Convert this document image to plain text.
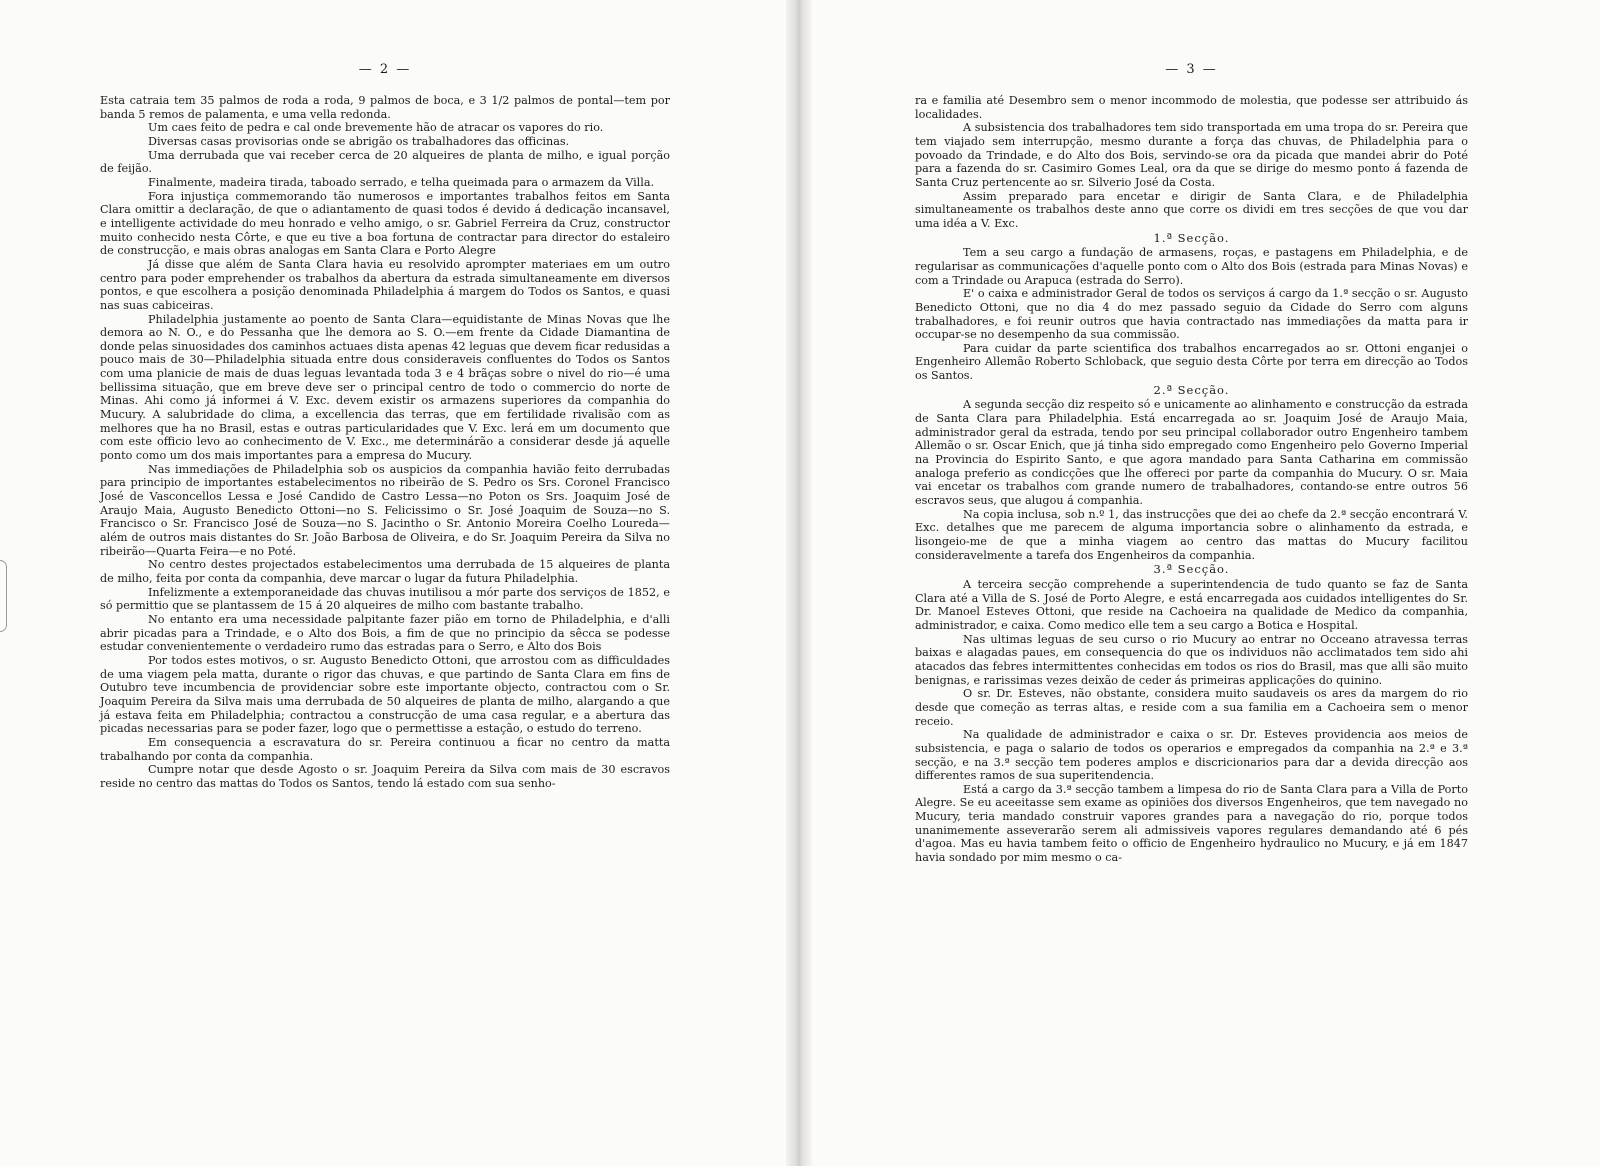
— 2 —

Esta catraia tem 35 palmos de roda a roda, 9 palmos de boca, e 3 1/2 palmos de pontal—tem por banda 5 remos de palamenta, e uma vella redonda.

Um caes feito de pedra e cal onde brevemente hão de atracar os vapores do rio.

Diversas casas provisorias onde se abrigão os trabalhadores das officinas.

Uma derrubada que vai receber cerca de 20 alqueires de planta de milho, e igual porção de feijão.

Finalmente, madeira tirada, taboado serrado, e telha queimada para o armazem da Villa.

Fora injustiça commemorando tão numerosos e importantes trabalhos feitos em Santa Clara omittir a declaração, de que o adiantamento de quasi todos é devido á dedicação incansavel, e intelligente actividade do meu honrado e velho amigo, o sr. Gabriel Ferreira da Cruz, constructor muito conhecido nesta Côrte, e que eu tive a boa fortuna de contractar para director do estaleiro de construcção, e mais obras analogas em Santa Clara e Porto Alegre

Já disse que além de Santa Clara havia eu resolvido aprompter materiaes em um outro centro para poder emprehender os trabalhos da abertura da estrada simultaneamente em diversos pontos, e que escolhera a posição denominada Philadelphia á margem do Todos os Santos, e quasi nas suas cabiceiras.

Philadelphia justamente ao poento de Santa Clara—equidistante de Minas Novas que lhe demora ao N. O., e do Pessanha que lhe demora ao S. O.—em frente da Cidade Diamantina de donde pelas sinuosidades dos caminhos actuaes dista apenas 42 leguas que devem ficar redusidas a pouco mais de 30—Philadelphia situada entre dous consideraveis confluentes do Todos os Santos com uma planicie de mais de duas leguas levantada toda 3 e 4 brãças sobre o nivel do rio—é uma bellissima situação, que em breve deve ser o principal centro de todo o commercio do norte de Minas. Ahi como já informei á V. Exc. devem existir os armazens superiores da companhia do Mucury. A salubridade do clima, a excellencia das terras, que em fertilidade rivalisão com as melhores que ha no Brasil, estas e outras particularidades que V. Exc. lerá em um documento que com este officio levo ao conhecimento de V. Exc., me determinárão a considerar desde já aquelle ponto como um dos mais importantes para a empresa do Mucury.

Nas immediações de Philadelphia sob os auspicios da companhia havião feito derrubadas para principio de importantes estabelecimentos no ribeirão de S. Pedro os Srs. Coronel Francisco José de Vasconcellos Lessa e José Candido de Castro Lessa—no Poton os Srs. Joaquim José de Araujo Maia, Augusto Benedicto Ottoni—no S. Felicissimo o Sr. José Joaquim de Souza—no S. Francisco o Sr. Francisco José de Souza—no S. Jacintho o Sr. Antonio Moreira Coelho Loureda—além de outros mais distantes do Sr. João Barbosa de Oliveira, e do Sr. Joaquim Pereira da Silva no ribeirão—Quarta Feira—e no Poté.

No centro destes projectados estabelecimentos uma derrubada de 15 alqueires de planta de milho, feita por conta da companhia, deve marcar o lugar da futura Philadelphia.

Infelizmente a extemporaneidade das chuvas inutilisou a mór parte dos serviços de 1852, e só permittio que se plantassem de 15 á 20 alqueires de milho com bastante trabalho.

No entanto era uma necessidade palpitante fazer pião em torno de Philadelphia, e d'alli abrir picadas para a Trindade, e o Alto dos Bois, a fim de que no principio da sêcca se podesse estudar convenientemente o verdadeiro rumo das estradas para o Serro, e Alto dos Bois

Por todos estes motivos, o sr. Augusto Benedicto Ottoni, que arrostou com as difficuldades de uma viagem pela matta, durante o rigor das chuvas, e que partindo de Santa Clara em fins de Outubro teve incumbencia de providenciar sobre este importante objecto, contractou com o Sr. Joaquim Pereira da Silva mais uma derrubada de 50 alqueires de planta de milho, alargando a que já estava feita em Philadelphia; contractou a construcção de uma casa regular, e a abertura das picadas necessarias para se poder fazer, logo que o permettisse a estação, o estudo do terreno.

Em consequencia a escravatura do sr. Pereira continuou a ficar no centro da matta trabalhando por conta da companhia.

Cumpre notar que desde Agosto o sr. Joaquim Pereira da Silva com mais de 30 escravos reside no centro das mattas do Todos os Santos, tendo lá estado com sua senho-

— 3 —

ra e familia até Desembro sem o menor incommodo de molestia, que podesse ser attribuido ás localidades.

A subsistencia dos trabalhadores tem sido transportada em uma tropa do sr. Pereira que tem viajado sem interrupção, mesmo durante a força das chuvas, de Philadelphia para o povoado da Trindade, e do Alto dos Bois, servindo-se ora da picada que mandei abrir do Poté para a fazenda do sr. Casimiro Gomes Leal, ora da que se dirige do mesmo ponto á fazenda de Santa Cruz pertencente ao sr. Silverio José da Costa.

Assim preparado para encetar e dirigir de Santa Clara, e de Philadelphia simultaneamente os trabalhos deste anno que corre os dividi em tres secções de que vou dar uma idéa a V. Exc.

1.ª Secção.

Tem a seu cargo a fundação de armasens, roças, e pastagens em Philadelphia, e de regularisar as communicações d'aquelle ponto com o Alto dos Bois (estrada para Minas Novas) e com a Trindade ou Arapuca (estrada do Serro).

E' o caixa e administrador Geral de todos os serviços á cargo da 1.ª secção o sr. Augusto Benedicto Ottoni, que no dia 4 do mez passado seguio da Cidade do Serro com alguns trabalhadores, e foi reunir outros que havia contractado nas immediações da matta para ir occupar-se no desempenho da sua commissão.

Para cuidar da parte scientifica dos trabalhos encarregados ao sr. Ottoni enganjei o Engenheiro Allemão Roberto Schloback, que seguio desta Côrte por terra em direcção ao Todos os Santos.

2.ª Secção.

A segunda secção diz respeito só e unicamente ao alinhamento e construcção da estrada de Santa Clara para Philadelphia. Está encarregada ao sr. Joaquim José de Araujo Maia, administrador geral da estrada, tendo por seu principal collaborador outro Engenheiro tambem Allemão o sr. Oscar Enich, que já tinha sido empregado como Engenheiro pelo Governo Imperial na Provincia do Espirito Santo, e que agora mandado para Santa Catharina em commissão analoga preferio as condicções que lhe offereci por parte da companhia do Mucury. O sr. Maia vai encetar os trabalhos com grande numero de trabalhadores, contando-se entre outros 56 escravos seus, que alugou á companhia.

Na copia inclusa, sob n.º 1, das instrucções que dei ao chefe da 2.ª secção encontrará V. Exc. detalhes que me parecem de alguma importancia sobre o alinhamento da estrada, e lisongeio-me de que a minha viagem ao centro das mattas do Mucury facilitou consideravelmente a tarefa dos Engenheiros da companhia.

3.ª Secção.

A terceira secção comprehende a superintendencia de tudo quanto se faz de Santa Clara até a Villa de S. José de Porto Alegre, e está encarregada aos cuidados intelligentes do Sr. Dr. Manoel Esteves Ottoni, que reside na Cachoeira na qualidade de Medico da companhia, administrador, e caixa. Como medico elle tem a seu cargo a Botica e Hospital.

Nas ultimas leguas de seu curso o rio Mucury ao entrar no Occeano atravessa terras baixas e alagadas paues, em consequencia do que os individuos não acclimatados tem sido ahi atacados das febres intermittentes conhecidas em todos os rios do Brasil, mas que alli são muito benignas, e rarissimas vezes deixão de ceder ás primeiras applicações do quinino.

O sr. Dr. Esteves, não obstante, considera muito saudaveis os ares da margem do rio desde que começão as terras altas, e reside com a sua familia em a Cachoeira sem o menor receio.

Na qualidade de administrador e caixa o sr. Dr. Esteves providencia aos meios de subsistencia, e paga o salario de todos os operarios e empregados da companhia na 2.ª e 3.ª secção, e na 3.ª secção tem poderes amplos e discricionarios para dar a devida direcção aos differentes ramos de sua superitendencia.

Está a cargo da 3.ª secção tambem a limpesa do rio de Santa Clara para a Villa de Porto Alegre. Se eu aceeitasse sem exame as opiniões dos diversos Engenheiros, que tem navegado no Mucury, teria mandado construir vapores grandes para a navegação do rio, porque todos unanimemente asseverarão serem ali admissiveis vapores regulares demandando até 6 pés d'agoa. Mas eu havia tambem feito o officio de Engenheiro hydraulico no Mucury, e já em 1847 havia sondado por mim mesmo o ca-
